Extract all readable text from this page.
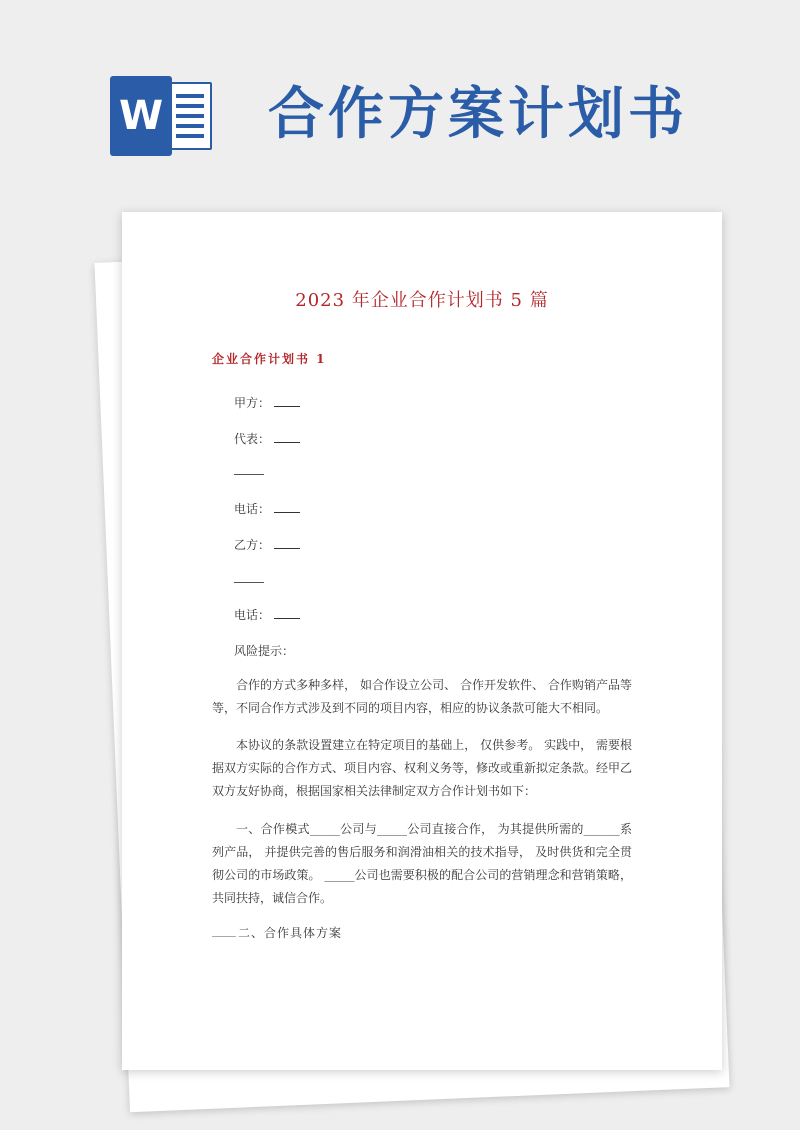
W 合作方案计划书
2023 年企业合作计划书 5 篇
企业合作计划书 1
甲方：
代表：
电话：
乙方：
电话：
风险提示：
合作的方式多种多样， 如合作设立公司、 合作开发软件、 合作购销产品等等，不同合作方式涉及到不同的项目内容，相应的协议条款可能大不相同。
本协议的条款设置建立在特定项目的基础上， 仅供参考。 实践中， 需要根据双方实际的合作方式、项目内容、权利义务等，修改或重新拟定条款。经甲乙双方友好协商，根据国家相关法律制定双方合作计划书如下：
一、合作模式_____公司与_____公司直接合作， 为其提供所需的______系列产品， 并提供完善的售后服务和润滑油相关的技术指导， 及时供货和完全贯彻公司的市场政策。 _____公司也需要积极的配合公司的营销理念和营销策略，共同扶持，诚信合作。
二、合作具体方案
